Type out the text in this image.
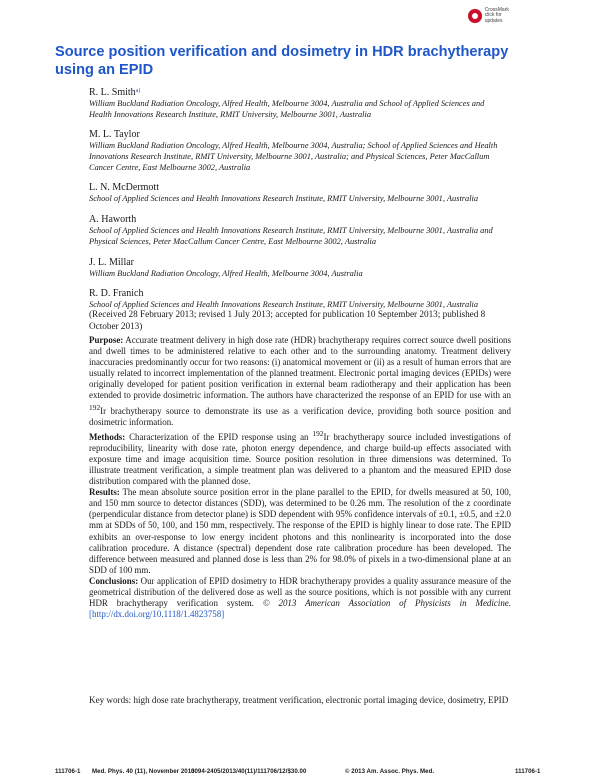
CrossMark
click for updates
Source position verification and dosimetry in HDR brachytherapy using an EPID

R. L. Smith$^{a)}$

William Buckland Radiation Oncology, Alfred Health, Melbourne 3004, Australia and School of Applied Sciences and Health Innovations Research Institute, RMIT University, Melbourne 3001, Australia

M. L. Taylor

William Buckland Radiation Oncology, Alfred Health, Melbourne 3004, Australia; School of Applied Sciences and Health Innovations Research Institute, RMIT University, Melbourne 3001, Australia; and Physical Sciences, Peter MacCallum Cancer Centre, East Melbourne 3002, Australia

L. N. McDermott

School of Applied Sciences and Health Innovations Research Institute, RMIT University, Melbourne 3001, Australia

A. Haworth

School of Applied Sciences and Health Innovations Research Institute, RMIT University, Melbourne 3001, Australia and Physical Sciences, Peter MacCallum Cancer Centre, East Melbourne 3002, Australia

J. L. Millar

William Buckland Radiation Oncology, Alfred Health, Melbourne 3004, Australia

R. D. Franich

School of Applied Sciences and Health Innovations Research Institute, RMIT University, Melbourne 3001, Australia

(Received 28 February 2013; revised 1 July 2013; accepted for publication 10 September 2013; published 8 October 2013)

Purpose: Accurate treatment delivery in high dose rate (HDR) brachytherapy requires correct source dwell positions and dwell times to be administered relative to each other and to the surrounding anatomy. Treatment delivery inaccuracies predominantly occur for two reasons: (i) anatomical movement or (ii) as a result of human errors that are usually related to incorrect implementation of the planned treatment. Electronic portal imaging devices (EPIDs) were originally developed for patient position verification in external beam radiotherapy and their application has been extended to provide dosimetric information. The authors have characterized the response of an EPID for use with an $^{192}$Ir brachytherapy source to demonstrate its use as a verification device, providing both source position and dosimetric information.

Methods: Characterization of the EPID response using an $^{192}$Ir brachytherapy source included investigations of reproducibility, linearity with dose rate, photon energy dependence, and charge build-up effects associated with exposure time and image acquisition time. Source position resolution in three dimensions was determined. To illustrate treatment verification, a simple treatment plan was delivered to a phantom and the measured EPID dose distribution compared with the planned dose.

Results: The mean absolute source position error in the plane parallel to the EPID, for dwells measured at 50, 100, and 150 mm source to detector distances (SDD), was determined to be 0.26 mm. The resolution of the z coordinate (perpendicular distance from detector plane) is SDD dependent with 95% confidence intervals of ±0.1, ±0.5, and ±2.0 mm at SDDs of 50, 100, and 150 mm, respectively. The response of the EPID is highly linear to dose rate. The EPID exhibits an over-response to low energy incident photons and this nonlinearity is incorporated into the dose calibration procedure. A distance (spectral) dependent dose rate calibration procedure has been developed. The difference between measured and planned dose is less than 2% for 98.0% of pixels in a two-dimensional plane at an SDD of 100 mm.

Conclusions: Our application of EPID dosimetry to HDR brachytherapy provides a quality assurance measure of the geometrical distribution of the delivered dose as well as the source positions, which is not possible with any current HDR brachytherapy verification system. © 2013 American Association of Physicists in Medicine. [http://dx.doi.org/10.1118/1.4823758]

Key words: high dose rate brachytherapy, treatment verification, electronic portal imaging device, dosimetry, EPID

111706-1 Med. Phys. 40 (11), November 2013
0094-2405/2013/40(11)/111706/12/$30.00	© 2013 Am. Assoc. Phys. Med.	111706-1
